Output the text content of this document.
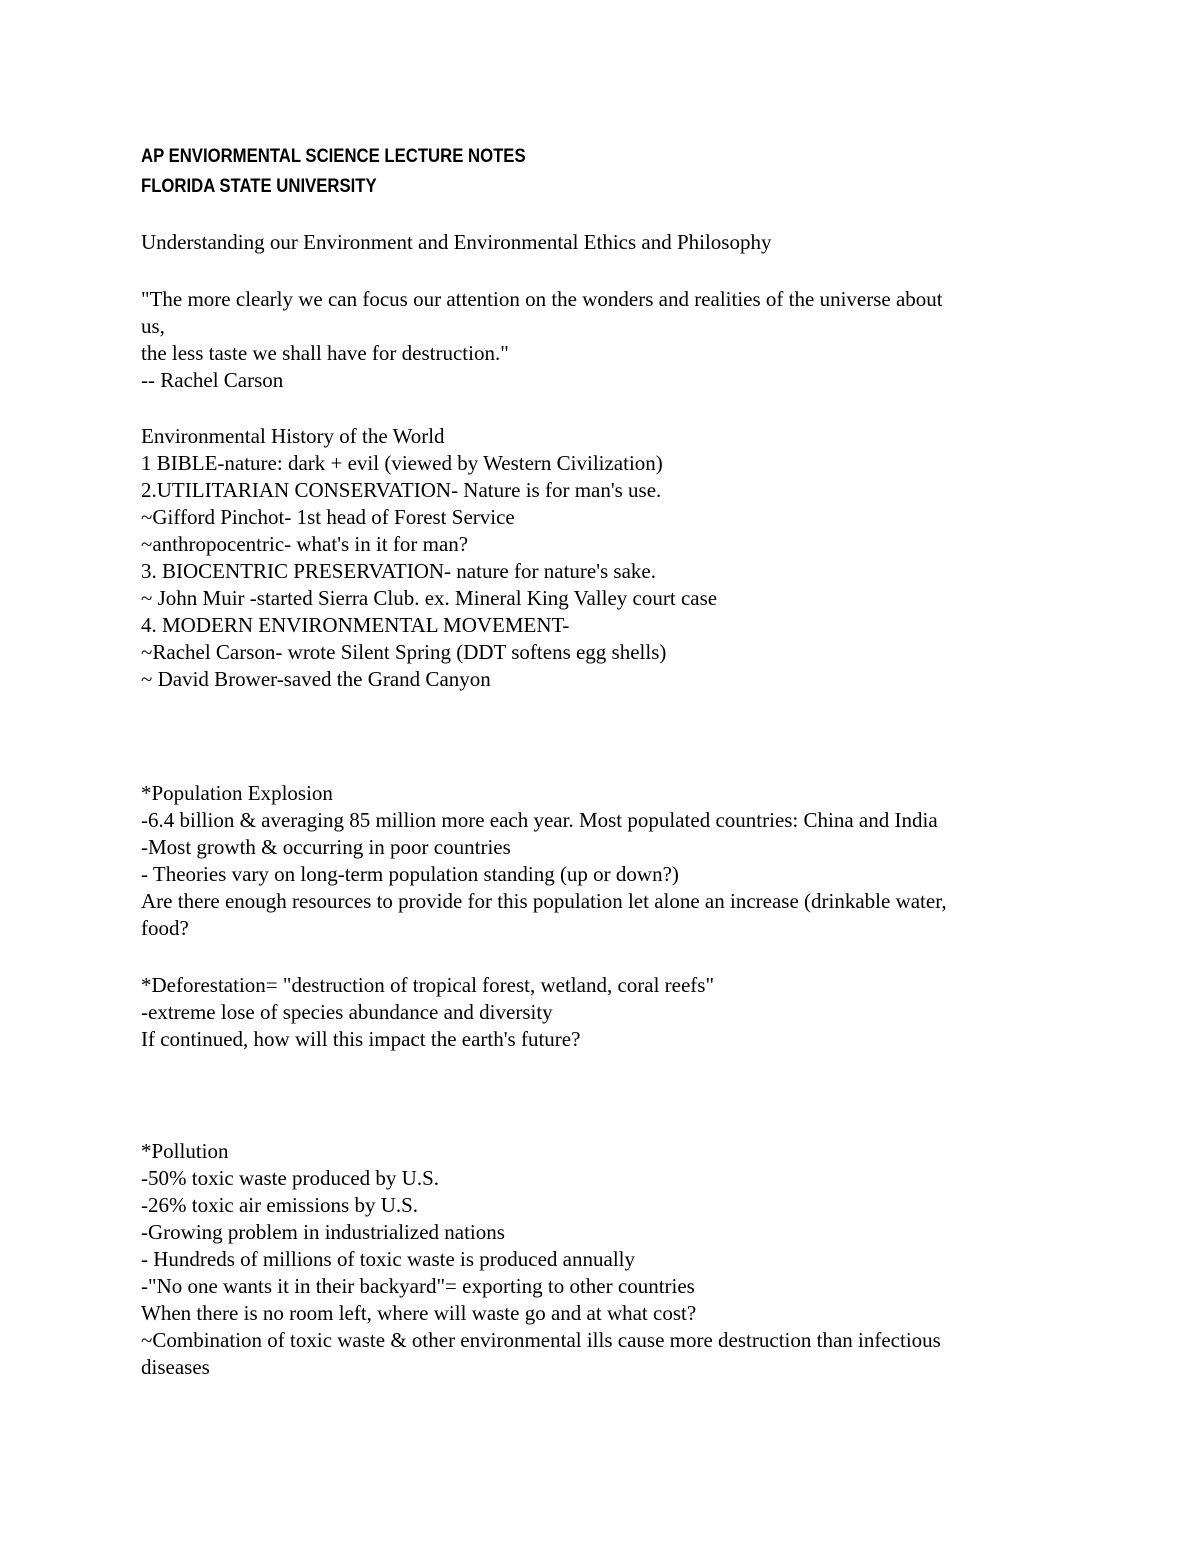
AP ENVIORMENTAL SCIENCE LECTURE NOTES
FLORIDA STATE UNIVERSITY
Understanding our Environment and Environmental Ethics and Philosophy
"The more clearly we can focus our attention on the wonders and realities of the universe about
us,
the less taste we shall have for destruction."
-- Rachel Carson
Environmental History of the World
1 BIBLE-nature: dark + evil (viewed by Western Civilization)
2.UTILITARIAN CONSERVATION- Nature is for man's use.
~Gifford Pinchot- 1st head of Forest Service
~anthropocentric- what's in it for man?
3. BIOCENTRIC PRESERVATION- nature for nature's sake.
~ John Muir -started Sierra Club. ex. Mineral King Valley court case
4. MODERN ENVIRONMENTAL MOVEMENT-
~Rachel Carson- wrote Silent Spring (DDT softens egg shells)
~ David Brower-saved the Grand Canyon
*Population Explosion
-6.4 billion & averaging 85 million more each year. Most populated countries: China and India
-Most growth & occurring in poor countries
- Theories vary on long-term population standing (up or down?)
Are there enough resources to provide for this population let alone an increase (drinkable water,
food?
*Deforestation= "destruction of tropical forest, wetland, coral reefs"
-extreme lose of species abundance and diversity
If continued, how will this impact the earth's future?
*Pollution
-50% toxic waste produced by U.S.
-26% toxic air emissions by U.S.
-Growing problem in industrialized nations
- Hundreds of millions of toxic waste is produced annually
-"No one wants it in their backyard"= exporting to other countries
When there is no room left, where will waste go and at what cost?
~Combination of toxic waste & other environmental ills cause more destruction than infectious
diseases
